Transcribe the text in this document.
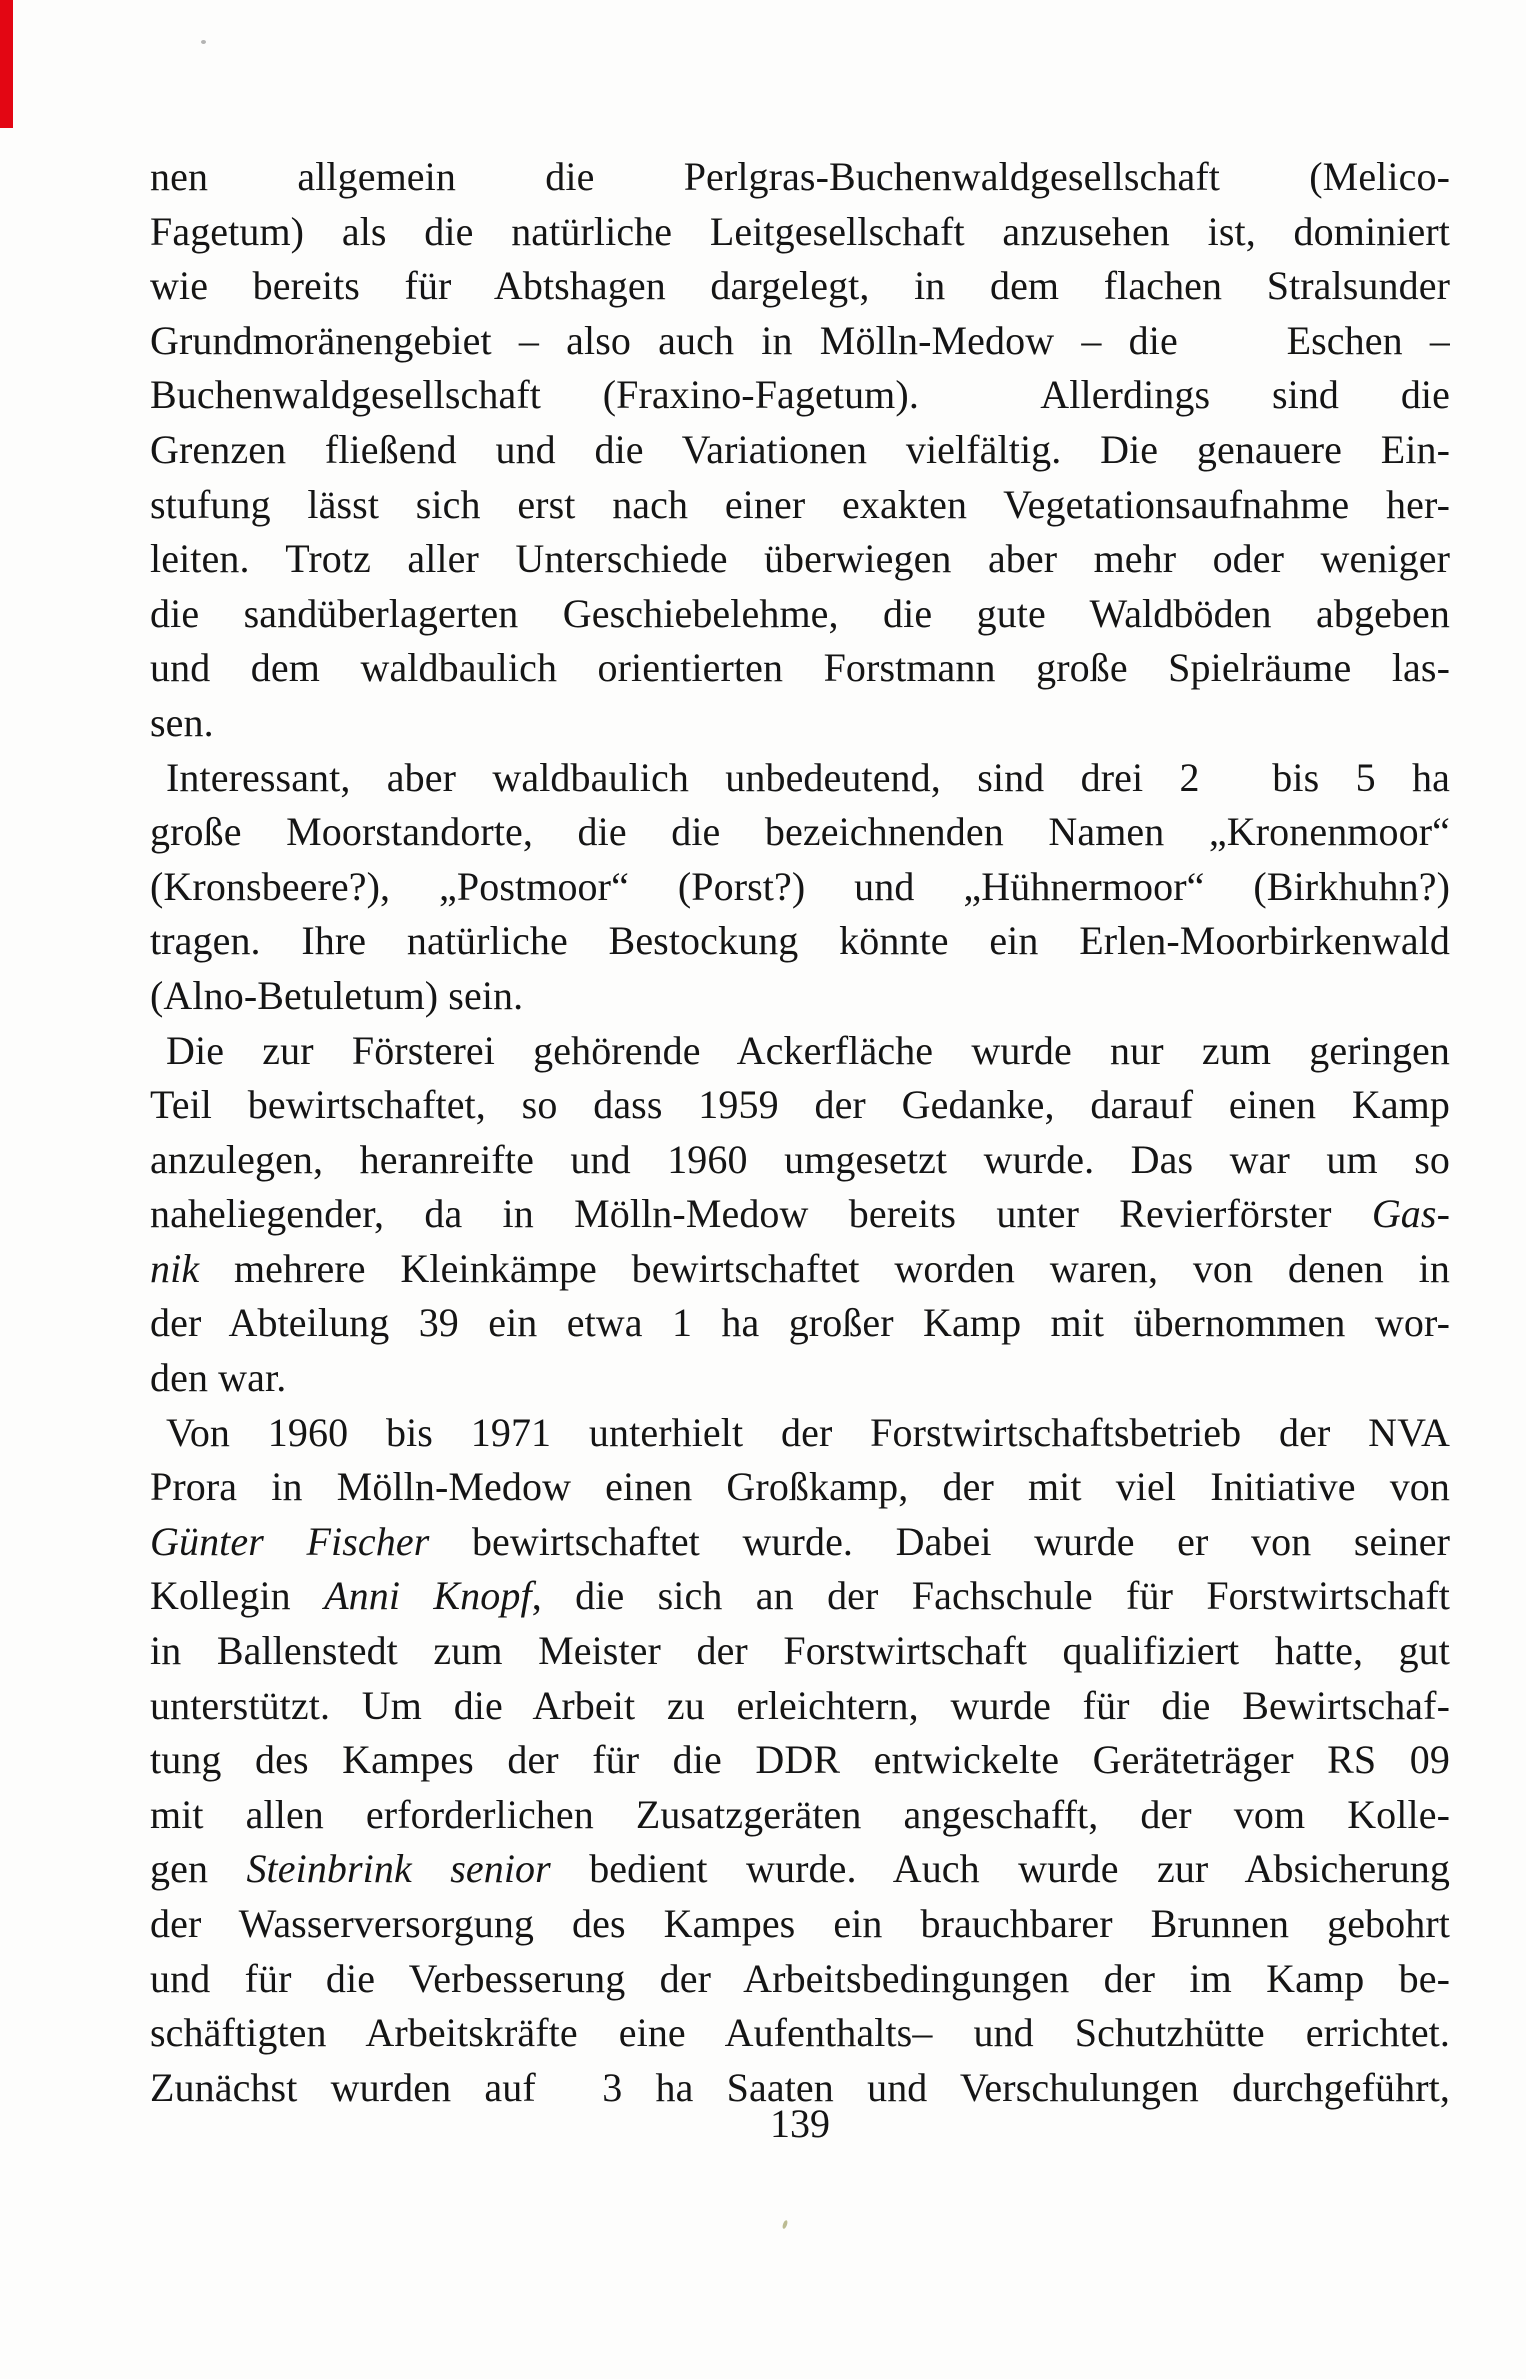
nen allgemein die Perlgras-Buchenwaldgesellschaft (Melico-
Fagetum) als die natürliche Leitgesellschaft anzusehen ist, dominiert
wie bereits für Abtshagen dargelegt, in dem flachen Stralsunder
Grundmoränengebiet – also auch in Mölln-Medow – die    Eschen –
Buchenwaldgesellschaft (Fraxino-Fagetum).  Allerdings sind die
Grenzen fließend und die Variationen vielfältig. Die genauere Ein-
stufung lässt sich erst nach einer exakten Vegetationsaufnahme her-
leiten. Trotz aller Unterschiede überwiegen aber mehr oder weniger
die sandüberlagerten Geschiebelehme, die gute Waldböden abgeben
und dem waldbaulich orientierten Forstmann große Spielräume las-
sen.
Interessant, aber waldbaulich unbedeutend, sind drei 2  bis 5 ha
große Moorstandorte, die die bezeichnenden Namen „Kronenmoor“
(Kronsbeere?), „Postmoor“ (Porst?) und „Hühnermoor“ (Birkhuhn?)
tragen. Ihre natürliche Bestockung könnte ein Erlen-Moorbirkenwald
(Alno-Betuletum) sein.
Die zur Försterei gehörende Ackerfläche wurde nur zum geringen
Teil bewirtschaftet, so dass 1959 der Gedanke, darauf einen Kamp
anzulegen, heranreifte und 1960 umgesetzt wurde. Das war um so
naheliegender, da in Mölln-Medow bereits unter Revierförster Gas-
nik mehrere Kleinkämpe bewirtschaftet worden waren, von denen in
der Abteilung 39 ein etwa 1 ha großer Kamp mit übernommen wor-
den war.
Von 1960 bis 1971 unterhielt der Forstwirtschaftsbetrieb der NVA
Prora in Mölln-Medow einen Großkamp, der mit viel Initiative von
Günter Fischer bewirtschaftet wurde. Dabei wurde er von seiner
Kollegin Anni Knopf, die sich an der Fachschule für Forstwirtschaft
in Ballenstedt zum Meister der Forstwirtschaft qualifiziert hatte, gut
unterstützt. Um die Arbeit zu erleichtern, wurde für die Bewirtschaf-
tung des Kampes der für die DDR entwickelte Geräteträger RS 09
mit allen erforderlichen Zusatzgeräten angeschafft, der vom Kolle-
gen Steinbrink senior bedient wurde. Auch wurde zur Absicherung
der Wasserversorgung des Kampes ein brauchbarer Brunnen gebohrt
und für die Verbesserung der Arbeitsbedingungen der im Kamp be-
schäftigten Arbeitskräfte eine Aufenthalts– und Schutzhütte errichtet.
Zunächst wurden auf  3 ha Saaten und Verschulungen durchgeführt,
139
